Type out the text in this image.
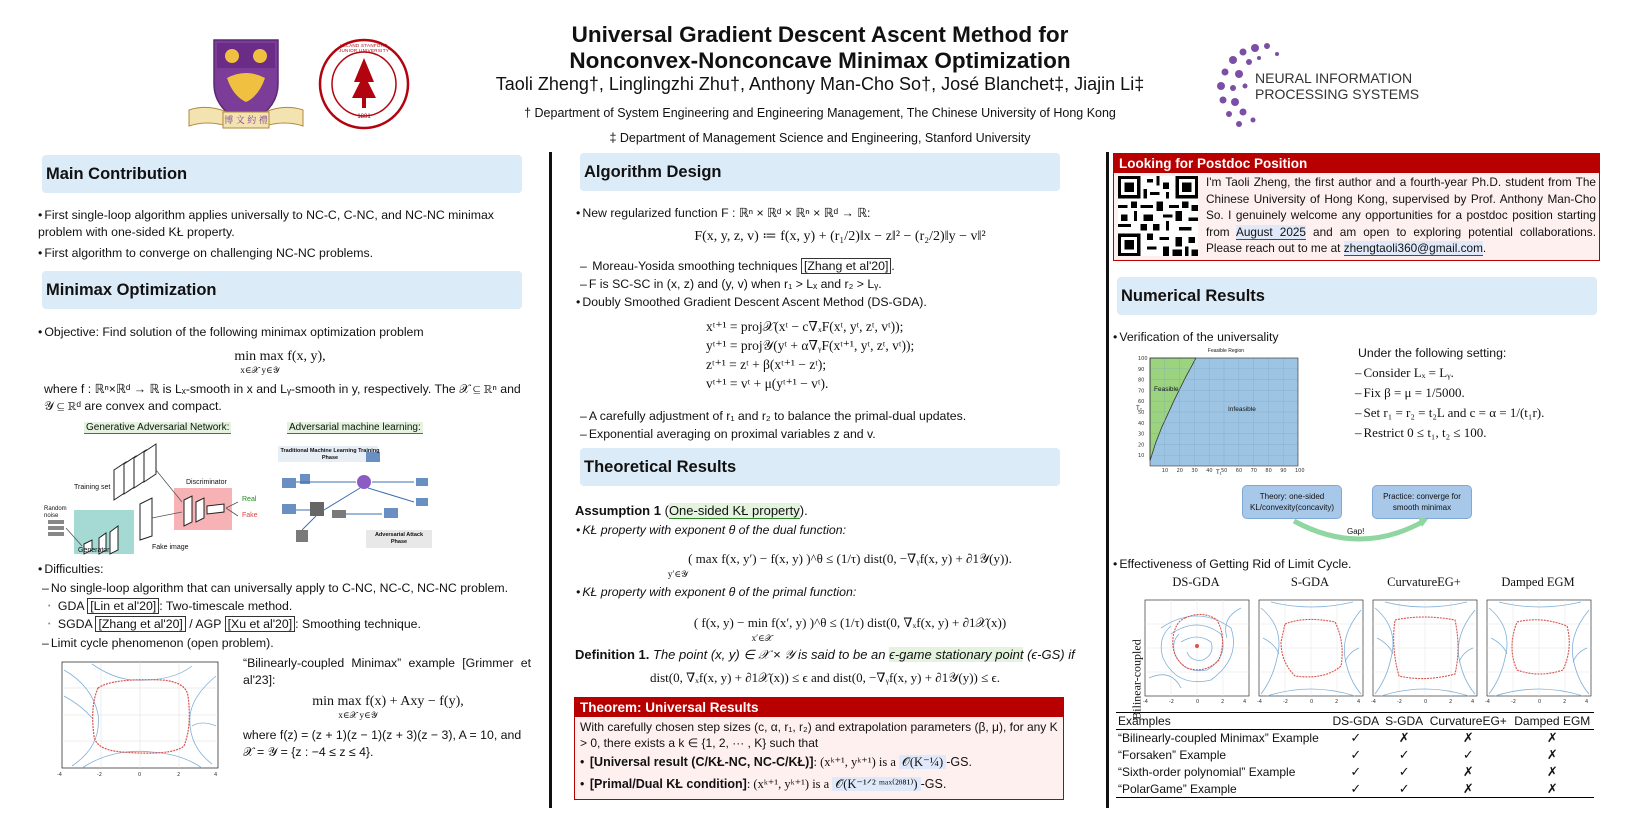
博 文 約 禮
LELAND STANFORD JUNIOR UNIVERSITY
1891
Universal Gradient Descent Ascent Method for
Nonconvex-Nonconcave Minimax Optimization
Taoli Zheng†, Linglingzhi Zhu†, Anthony Man-Cho So†, José Blanchet‡, Jiajin Li‡
† Department of System Engineering and Engineering Management, The Chinese University of Hong Kong
‡ Department of Management Science and Engineering, Stanford University
NEURAL INFORMATION
PROCESSING SYSTEMS
Main Contribution
• First single-loop algorithm applies universally to NC-C, C-NC, and NC-NC minimax problem with one-sided KŁ property.
• First algorithm to converge on challenging NC-NC problems.
Minimax Optimization
• Objective: Find solution of the following minimax optimization problem
min max f(x, y),
x∈𝒳 y∈𝒴
where f : ℝⁿ×ℝᵈ → ℝ is Lₓ-smooth in x and Lᵧ-smooth in y, respectively. The 𝒳 ⊆ ℝⁿ and 𝒴 ⊆ ℝᵈ are convex and compact.
Generative Adversarial Network:	Adversarial machine learning:
Training set
Random noise
Generator
Discriminator
Real
Fake
Fake image
Traditional Machine Learning Training Phase
Adversarial Attack Phase
• Difficulties:
– No single-loop algorithm that can universally apply to C-NC, NC-C, NC-NC problem.
• GDA [Lin et al'20] : Two-timescale method.
• SGDA [Zhang et al'20] / AGP [Xu et al'20] : Smoothing technique.
– Limit cycle phenomenon (open problem).
-4	-2	0	2	4
“Bilinearly-coupled Minimax” example [Grimmer et al'23]:
min max f(x) + Axy − f(y),
x∈𝒳 y∈𝒴
where f(z) = (z + 1)(z − 1)(z + 3)(z − 3), A = 10, and 𝒳 = 𝒴 = {z : −4 ≤ z ≤ 4}.
Algorithm Design
• New regularized function F : ℝⁿ × ℝᵈ × ℝⁿ × ℝᵈ → ℝ:
F(x, y, z, v) ≔ f(x, y) + (r₁/2)‖x − z‖² − (r₂/2)‖y − v‖²
– Moreau-Yosida smoothing techniques [Zhang et al'20] .
– F is SC-SC in (x, z) and (y, v) when r₁ > Lₓ and r₂ > Lᵧ.
• Doubly Smoothed Gradient Descent Ascent Method (DS-GDA).
xᵗ⁺¹ = proj𝒳(xᵗ − c∇ₓF(xᵗ, yᵗ, zᵗ, vᵗ));
yᵗ⁺¹ = proj𝒴(yᵗ + α∇ᵧF(xᵗ⁺¹, yᵗ, zᵗ, vᵗ));
zᵗ⁺¹ = zᵗ + β(xᵗ⁺¹ − zᵗ);
vᵗ⁺¹ = vᵗ + μ(yᵗ⁺¹ − vᵗ).
– A carefully adjustment of r₁ and r₂ to balance the primal-dual updates.
– Exponential averaging on proximal variables z and v.
Theoretical Results
Assumption 1 (One-sided KŁ property).
• KŁ property with exponent θ of the dual function:
( max f(x, y′) − f(x, y) )^θ ≤ (1/τ) dist(0, −∇ᵧf(x, y) + ∂1𝒴(y)).
y′∈𝒴
• KŁ property with exponent θ of the primal function:
( f(x, y) − min f(x′, y) )^θ ≤ (1/τ) dist(0, ∇ₓf(x, y) + ∂1𝒳(x))
x′∈𝒳
Definition 1. The point (x, y) ∈ 𝒳 × 𝒴 is said to be an ϵ-game stationary point (ϵ-GS) if
dist(0, ∇ₓf(x, y) + ∂1𝒳(x)) ≤ ϵ and dist(0, −∇ᵧf(x, y) + ∂1𝒴(y)) ≤ ϵ.
Theorem: Universal Results
With carefully chosen step sizes (c, α, r₁, r₂) and extrapolation parameters (β, μ), for any K > 0, there exists a k ∈ {1, 2, ··· , K} such that
• [Universal result (C/KŁ-NC, NC-C/KŁ)]: (xᵏ⁺¹, yᵏ⁺¹) is a 𝒪(K⁻¼) -GS.
• [Primal/Dual KŁ condition]: (xᵏ⁺¹, yᵏ⁺¹) is a 𝒪(K⁻¹ᐟ² ᵐᵃˣ⁽²ᶿ⁸¹⁾) -GS.
Looking for Postdoc Position
I'm Taoli Zheng, the first author and a fourth-year Ph.D. student from The Chinese University of Hong Kong, supervised by Prof. Anthony Man-Cho So. I genuinely welcome any opportunities for a postdoc position starting from August 2025 and am open to exploring potential collaborations. Please reach out to me at zhengtaoli360@gmail.com.
Numerical Results
• Verification of the universality
10 20 30 40 50 60 70 80 90 100
10
20
30
40
50
60
70
80
90
100
Feasible Region
Feasible
Infeasible
T₁
T₂
Under the following setting:
– Consider Lₓ = Lᵧ.
– Fix β = μ = 1/5000.
– Set r₁ = r₂ = t₂L and c = α = 1/(t₁r).
– Restrict 0 ≤ t₁, t₂ ≤ 100.
Theory: one-sided KL/convexity(concavity)
Practice: converge for smooth minimax
Gap!
• Effectiveness of Getting Rid of Limit Cycle.
Bilinear-coupled
DS-GDA
-4	-2	0	2	4
S-GDA
-4	-2	0	2	4
CurvatureEG+
-4	-2	0	2	4
Damped EGM
-4	-2	0	2	4
Examples	DS-GDA	S-GDA	CurvatureEG+	Damped EGM
“Bilinearly-coupled Minimax” Example	✓	✗	✗	✗
“Forsaken” Example	✓	✓	✓	✗
“Sixth-order polynomial” Example	✓	✓	✗	✗
“PolarGame” Example	✓	✓	✗	✗
